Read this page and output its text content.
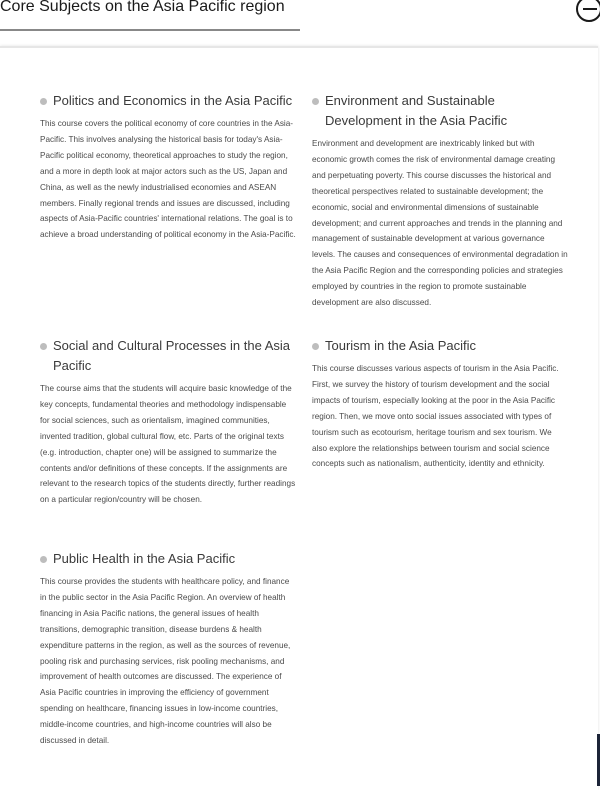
Core Subjects on the Asia Pacific region
Politics and Economics in the Asia Pacific
This course covers the political economy of core countries in the Asia-Pacific. This involves analysing the historical basis for today's Asia-Pacific political economy, theoretical approaches to study the region, and a more in depth look at major actors such as the US, Japan and China, as well as the newly industrialised economies and ASEAN members. Finally regional trends and issues are discussed, including aspects of Asia-Pacific countries' international relations. The goal is to achieve a broad understanding of political economy in the Asia-Pacific.
Environment and Sustainable Development in the Asia Pacific
Environment and development are inextricably linked but with economic growth comes the risk of environmental damage creating and perpetuating poverty. This course discusses the historical and theoretical perspectives related to sustainable development; the economic, social and environmental dimensions of sustainable development; and current approaches and trends in the planning and management of sustainable development at various governance levels. The causes and consequences of environmental degradation in the Asia Pacific Region and the corresponding policies and strategies employed by countries in the region to promote sustainable development are also discussed.
Social and Cultural Processes in the Asia Pacific
The course aims that the students will acquire basic knowledge of the key concepts, fundamental theories and methodology indispensable for social sciences, such as orientalism, imagined communities, invented tradition, global cultural flow, etc. Parts of the original texts (e.g. introduction, chapter one) will be assigned to summarize the contents and/or definitions of these concepts. If the assignments are relevant to the research topics of the students directly, further readings on a particular region/country will be chosen.
Tourism in the Asia Pacific
This course discusses various aspects of tourism in the Asia Pacific. First, we survey the history of tourism development and the social impacts of tourism, especially looking at the poor in the Asia Pacific region. Then, we move onto social issues associated with types of tourism such as ecotourism, heritage tourism and sex tourism. We also explore the relationships between tourism and social science concepts such as nationalism, authenticity, identity and ethnicity.
Public Health in the Asia Pacific
This course provides the students with healthcare policy, and finance in the public sector in the Asia Pacific Region. An overview of health financing in Asia Pacific nations, the general issues of health transitions, demographic transition, disease burdens & health expenditure patterns in the region, as well as the sources of revenue, pooling risk and purchasing services, risk pooling mechanisms, and improvement of health outcomes are discussed. The experience of Asia Pacific countries in improving the efficiency of government spending on healthcare, financing issues in low-income countries, middle-income countries, and high-income countries will also be discussed in detail.
